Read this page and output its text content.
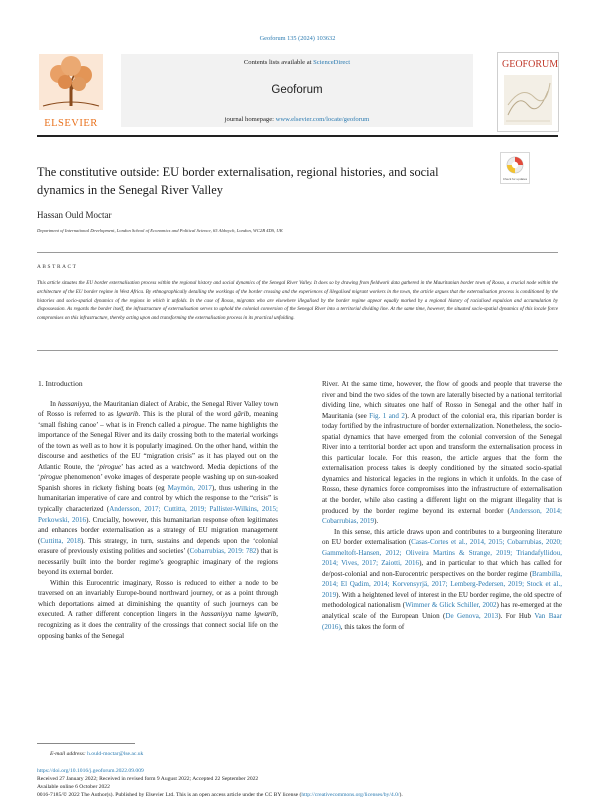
Geoforum 135 (2024) 103632
ELSEVIER
Contents lists available at ScienceDirect
Geoforum
journal homepage: www.elsevier.com/locate/geoforum
GEOFORUM
The constitutive outside: EU border externalisation, regional histories, and social dynamics in the Senegal River Valley
Check for updates
Hassan Ould Moctar
Department of International Development, London School of Economics and Political Science, 65 Aldwych, London, WC2B 4DS, UK
ABSTRACT

This article situates the EU border externalisation process within the regional history and social dynamics of the Senegal River Valley. It does so by drawing from fieldwork data gathered in the Mauritanian border town of Rosso, a crucial node within the architecture of the EU border regime in West Africa. By ethnographically detailing the workings of the border crossing and the experiences of illegalised migrant workers in the town, the article argues that the externalisation process is conditioned by the histories and socio-spatial dynamics of the regions in which it unfolds. In the case of Rosso, migrants who are elsewhere illegalised by the border regime appear equally marked by a regional history of racialised expulsion and accumulation by dispossession. As regards the border itself, the infrastructure of externalisation serves to uphold the colonial conversion of the Senegal River into a territorial dividing line. At the same time, however, the situated socio-spatial dynamics of this locale force compromises on this infrastructure, thereby acting upon and transforming the externalisation process in its practical unfolding.

1. Introduction

In hassaniyya, the Mauritanian dialect of Arabic, the Senegal River Valley town of Rosso is referred to as lgwarib. This is the plural of the word gărib, meaning ‘small fishing canoe’ – what is in French called a pirogue. The name highlights the importance of the Senegal River and its daily crossing both to the material workings of the town as well as to how it is popularly imagined. On the other hand, within the discourse and aesthetics of the EU “migration crisis” as it has played out on the Atlantic Route, the ‘pirogue’ has acted as a watchword. Media depictions of the ‘pirogue phenomenon’ evoke images of desperate people washing up on sun-soaked Spanish shores in rickety fishing boats (eg Maymón, 2017), thus ushering in the humanitarian imperative of care and control by which the response to the “crisis” is typically characterized (Andersson, 2017; Cuttitta, 2019; Pallister-Wilkins, 2015; Perkowski, 2016). Crucially, however, this humanitarian response often legitimates and enhances border externalisation as a strategy of EU migration management (Cuttitta, 2018). This strategy, in turn, sustains and depends upon the ‘colonial erasure of previously existing polities and societies’ (Cobarrubias, 2019: 782) that is necessarily built into the border regime’s geographic imaginary of the regions beyond its external border.

Within this Eurocentric imaginary, Rosso is reduced to either a node to be traversed on an invariably Europe-bound northward journey, or as a point through which deportations aimed at diminishing the quantity of such journeys can be executed. A rather different conception lingers in the hassaniyya name lgwarib, recognizing as it does the centrality of the crossings that connect social life on the opposing banks of the Senegal

River. At the same time, however, the flow of goods and people that traverse the river and bind the two sides of the town are laterally bisected by a national territorial dividing line, which situates one half of Rosso in Senegal and the other half in Mauritania (see Fig. 1 and 2). A product of the colonial era, this riparian border is today fortified by the infrastructure of border externalization. Nonetheless, the socio-spatial dynamics that have emerged from the colonial conversion of the Senegal River into a territorial border act upon and transform the externalisation process in this particular locale. For this reason, the article argues that the form the externalisation process takes is deeply conditioned by the situated socio-spatial dynamics and historical legacies in the regions in which it unfolds. In the case of Rosso, these dynamics force compromises into the infrastructure of externalisation at the border, while also casting a different light on the migrant illegality that is produced by the border regime beyond its external border (Andersson, 2014; Cobarrubias, 2019).

In this sense, this article draws upon and contributes to a burgeoning literature on EU border externalisation (Casas-Cortes et al., 2014, 2015; Cobarrubias, 2020; Gammeltoft-Hansen, 2012; Oliveira Martins & Strange, 2019; Triandafyllidou, 2014; Vives, 2017; Zaiotti, 2016), and in particular to that which has called for de/post-colonial and non-Eurocentric perspectives on the border regime (Brambilla, 2014; El Qadim, 2014; Korvensyrjä, 2017; Lemberg-Pedersen, 2019; Stock et al., 2019). With a heightened level of interest in the EU border regime, the old spectre of methodological nationalism (Wimmer & Glick Schiller, 2002) has re-emerged at the analytical scale of the European Union (De Genova, 2013). For Hub Van Baar (2016), this takes the form of

E-mail address: h.ould-moctar@lse.ac.uk
https://doi.org/10.1016/j.geoforum.2022.09.009
Received 27 January 2022; Received in revised form 9 August 2022; Accepted 22 September 2022
Available online 6 October 2022
0016-7185/© 2022 The Author(s). Published by Elsevier Ltd. This is an open access article under the CC BY license (http://creativecommons.org/licenses/by/4.0/).
